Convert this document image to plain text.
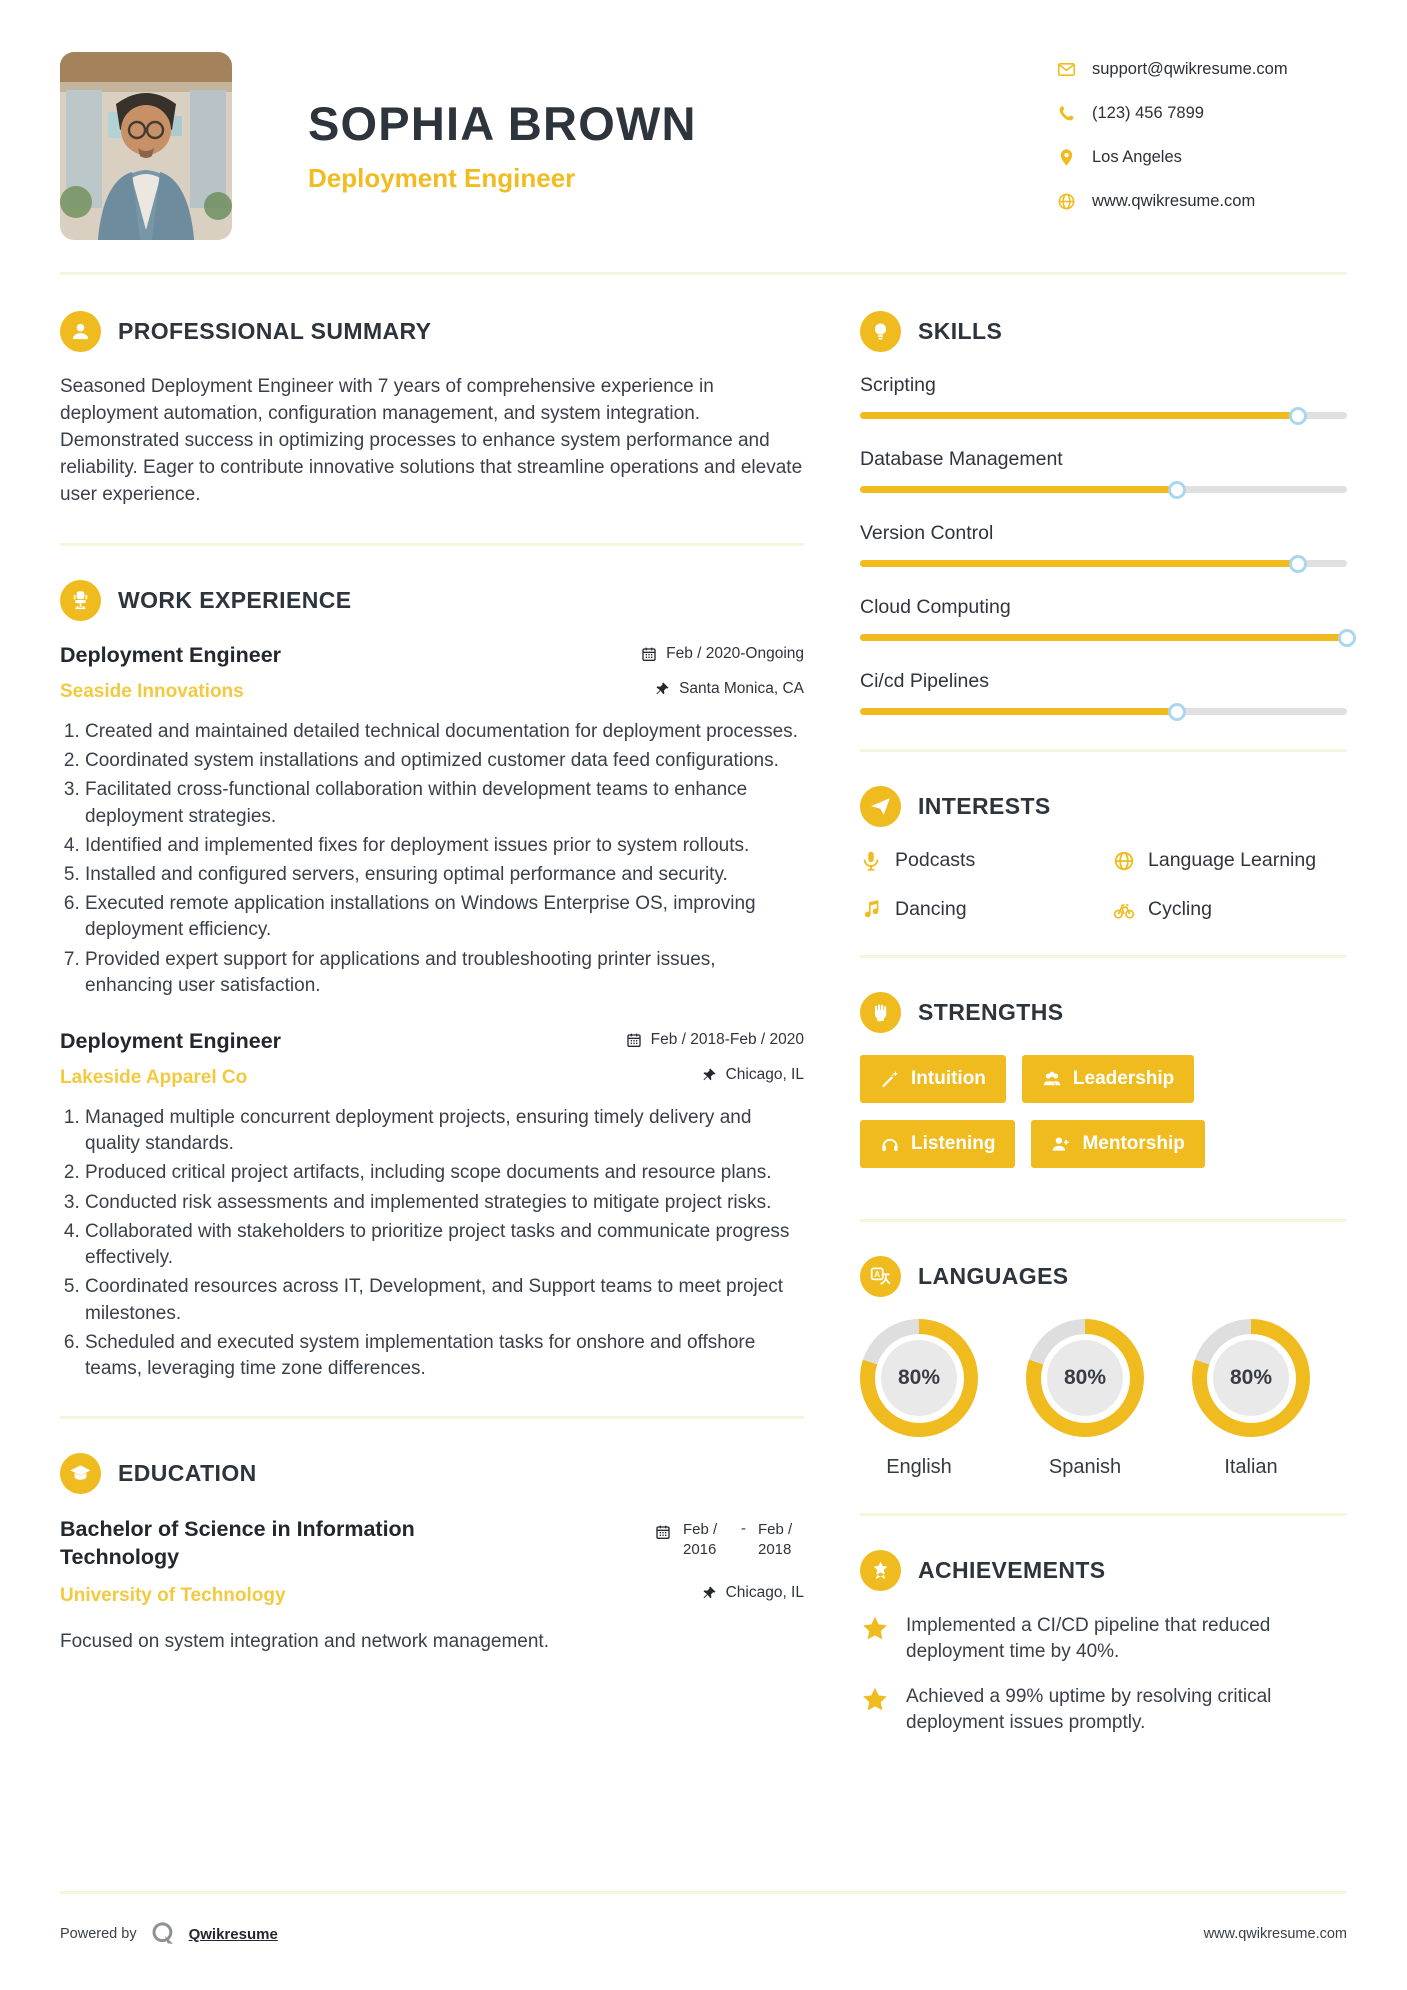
SOPHIA BROWN
Deployment Engineer
support@qwikresume.com
(123) 456 7899
Los Angeles
www.qwikresume.com
PROFESSIONAL SUMMARY

Seasoned Deployment Engineer with 7 years of comprehensive experience in deployment automation, configuration management, and system integration. Demonstrated success in optimizing processes to enhance system performance and reliability. Eager to contribute innovative solutions that streamline operations and elevate user experience.

WORK EXPERIENCE
Deployment Engineer	Feb / 2020-Ongoing
Seaside Innovations	Santa Monica, CA
1. Created and maintained detailed technical documentation for deployment processes.
2. Coordinated system installations and optimized customer data feed configurations.
3. Facilitated cross-functional collaboration within development teams to enhance deployment strategies.
4. Identified and implemented fixes for deployment issues prior to system rollouts.
5. Installed and configured servers, ensuring optimal performance and security.
6. Executed remote application installations on Windows Enterprise OS, improving deployment efficiency.
7. Provided expert support for applications and troubleshooting printer issues, enhancing user satisfaction.
Deployment Engineer	Feb / 2018-Feb / 2020
Lakeside Apparel Co	Chicago, IL
1. Managed multiple concurrent deployment projects, ensuring timely delivery and quality standards.
2. Produced critical project artifacts, including scope documents and resource plans.
3. Conducted risk assessments and implemented strategies to mitigate project risks.
4. Collaborated with stakeholders to prioritize project tasks and communicate progress effectively.
5. Coordinated resources across IT, Development, and Support teams to meet project milestones.
6. Scheduled and executed system implementation tasks for onshore and offshore teams, leveraging time zone differences.
EDUCATION
Bachelor of Science in Information Technology
Feb / 2016
- Feb / 2018
University of Technology	Chicago, IL

Focused on system integration and network management.

SKILLS
Scripting
Database Management
Version Control
Cloud Computing
Ci/cd Pipelines
INTERESTS
Podcasts	Language Learning
Dancing	Cycling
STRENGTHS
Intuition	Leadership
Listening	Mentorship
A LANGUAGES
80%
English
80%
Spanish
80%
Italian
ACHIEVEMENTS
Implemented a CI/CD pipeline that reduced deployment time by 40%.
Achieved a 99% uptime by resolving critical deployment issues promptly.
Powered by	Qwikresume	www.qwikresume.com
